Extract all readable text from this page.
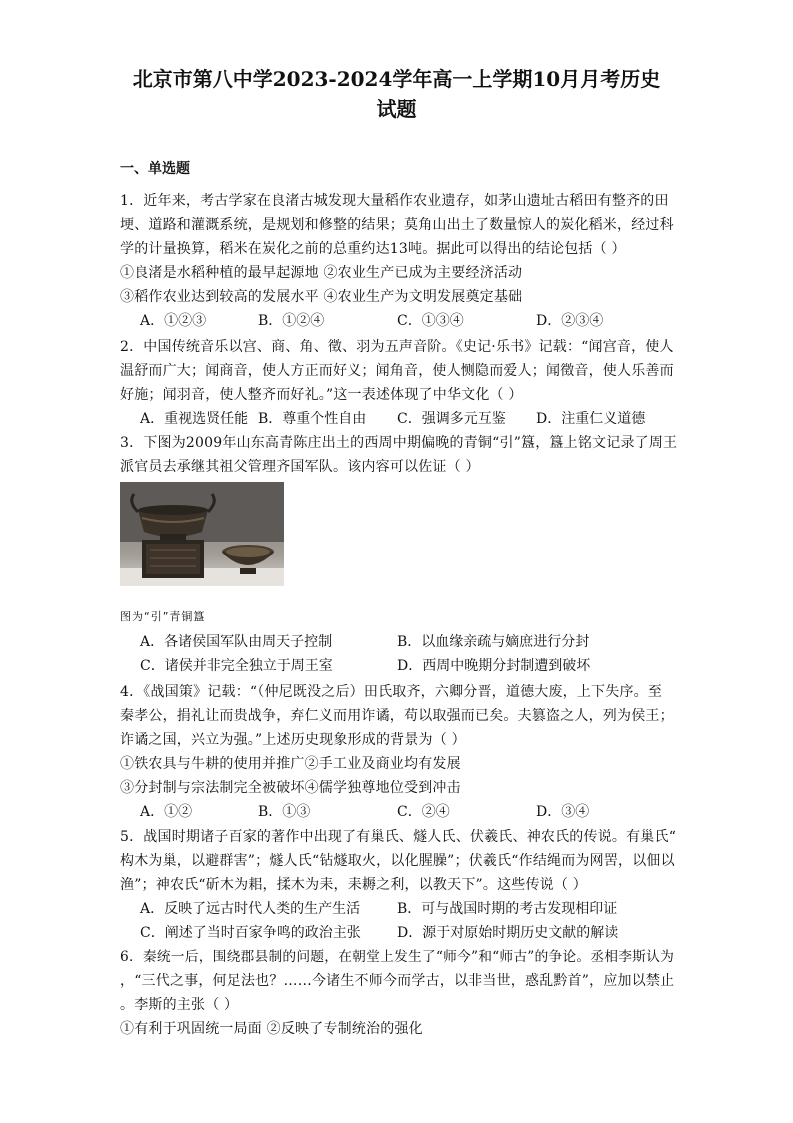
北京市第八中学2023-2024学年高一上学期10月月考历史
试题
一、单选题
1．近年来，考古学家在良渚古城发现大量稻作农业遗存，如茅山遗址古稻田有整齐的田
埂、道路和灌溉系统，是规划和修整的结果；莫角山出土了数量惊人的炭化稻米，经过科
学的计量换算，稻米在炭化之前的总重约达13吨。据此可以得出的结论包括（ ）
①良渚是水稻种植的最早起源地 ②农业生产已成为主要经济活动
③稻作农业达到较高的发展水平 ④农业生产为文明发展奠定基础
A．①②③	B．①②④	C．①③④	D．②③④
2．中国传统音乐以宫、商、角、徵、羽为五声音阶。《史记·乐书》记载：“闻宫音，使人
温舒而广大；闻商音，使人方正而好义；闻角音，使人恻隐而爱人；闻徵音，使人乐善而
好施；闻羽音，使人整齐而好礼。”这一表述体现了中华文化（ ）
A．重视选贤任能 B．尊重个性自由 C．强调多元互鉴 D．注重仁义道德
3．下图为2009年山东高青陈庄出土的西周中期偏晚的青铜“引”簋，簋上铭文记录了周王
派官员去承继其祖父管理齐国军队。该内容可以佐证（ ）
图为“引”青铜簋
A．各诸侯国军队由周天子控制	B．以血缘亲疏与嫡庶进行分封
C．诸侯并非完全独立于周王室	D．西周中晚期分封制遭到破坏
4．《战国策》记载：“（仲尼既没之后）田氏取齐，六卿分晋，道德大废，上下失序。至
秦孝公，捐礼让而贵战争，弃仁义而用诈谲，苟以取强而已矣。夫篡盗之人，列为侯王；
诈谲之国，兴立为强。”上述历史现象形成的背景为（ ）
①铁农具与牛耕的使用并推广②手工业及商业均有发展
③分封制与宗法制完全被破坏④儒学独尊地位受到冲击
A．①②	B．①③	C．②④	D．③④
5．战国时期诸子百家的著作中出现了有巢氏、燧人氏、伏羲氏、神农氏的传说。有巢氏“
构木为巢，以避群害”；燧人氏“钻燧取火，以化腥臊”；伏羲氏“作结绳而为网罟，以佃以
渔”；神农氏“斫木为耜，揉木为耒，耒耨之利，以教天下”。这些传说（ ）
A．反映了远古时代人类的生产生活	B．可与战国时期的考古发现相印证
C．阐述了当时百家争鸣的政治主张	D．源于对原始时期历史文献的解读
6．秦统一后，围绕郡县制的问题，在朝堂上发生了“师今”和“师古”的争论。丞相李斯认为
，“三代之事，何足法也？……今诸生不师今而学古，以非当世，惑乱黔首”，应加以禁止
。李斯的主张（ ）
①有利于巩固统一局面 ②反映了专制统治的强化
